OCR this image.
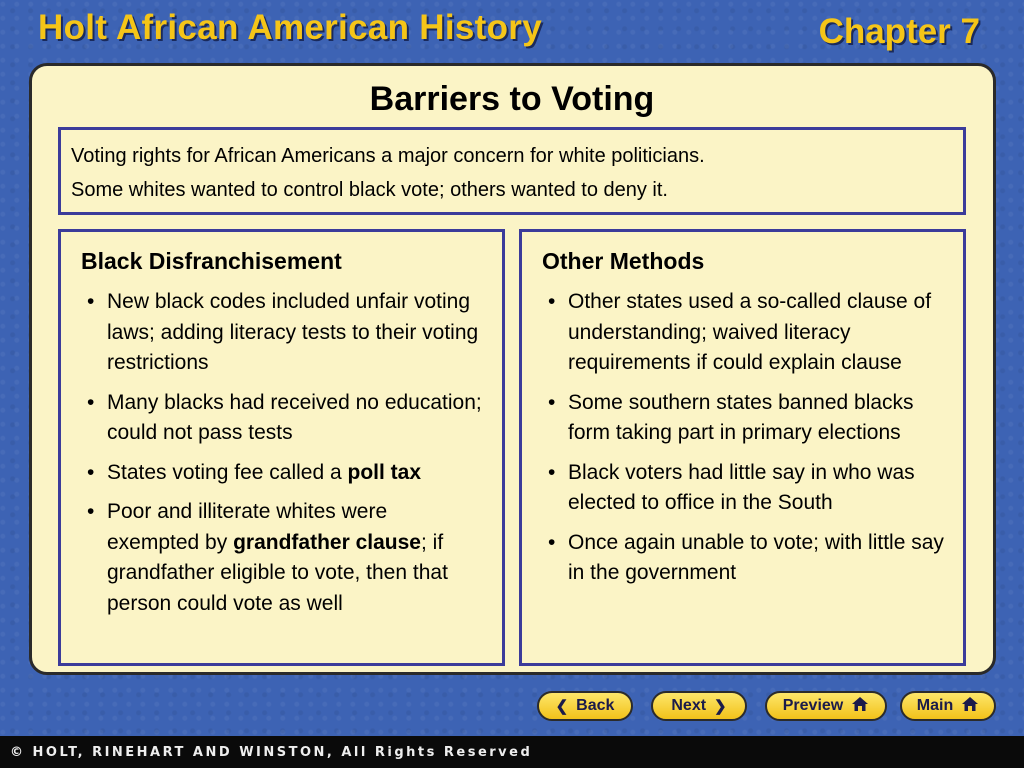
Holt African American History	Chapter 7
Barriers to Voting

Voting rights for African Americans a major concern for white politicians.

Some whites wanted to control black vote; others wanted to deny it.

Black Disfranchisement
• New black codes included unfair voting laws; adding literacy tests to their voting restrictions
• Many blacks had received no education; could not pass tests
• States voting fee called a poll tax
• Poor and illiterate whites were exempted by grandfather clause; if grandfather eligible to vote, then that person could vote as well
Other Methods
• Other states used a so-called clause of understanding; waived literacy requirements if could explain clause
• Some southern states banned blacks form taking part in primary elections
• Black voters had little say in who was elected to office in the South
• Once again unable to vote; with little say in the government
❮ Back	Next ❯	Preview	Main
© HOLT, RINEHART AND WINSTON, All Rights Reserved
